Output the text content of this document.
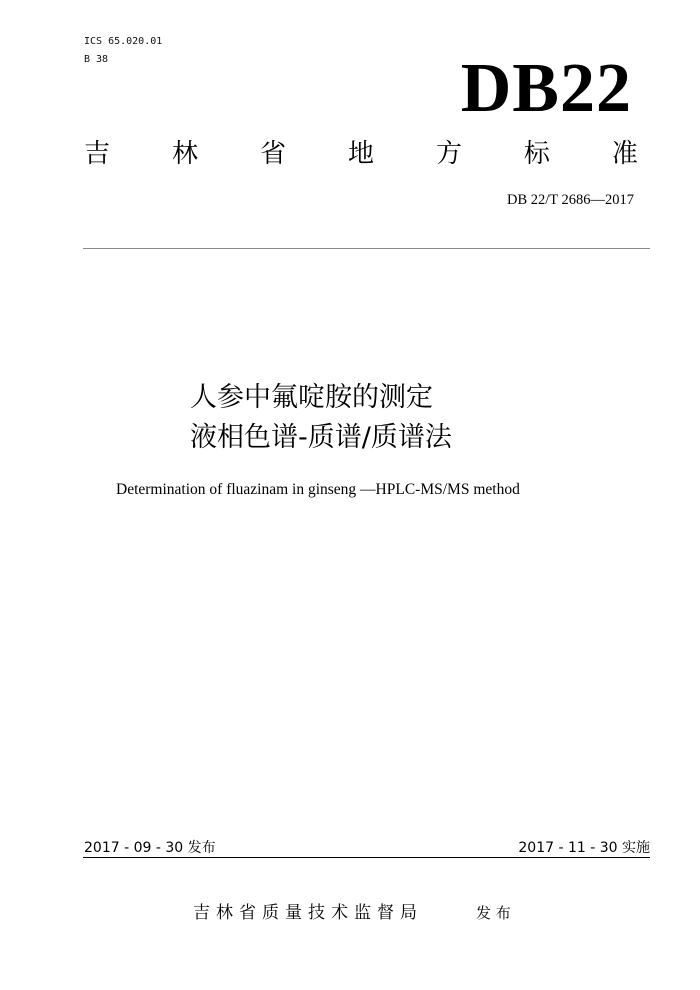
ICS 65.020.01
B 38	DB22
吉 林 省 地 方 标 准
DB 22/T 2686—2017
人参中氟啶胺的测定
液相色谱-质谱/质谱法
Determination of fluazinam in ginseng —HPLC-MS/MS method
2017 - 09 - 30 发布	2017 - 11 - 30 实施
吉林省质量技术监督局	发 布
